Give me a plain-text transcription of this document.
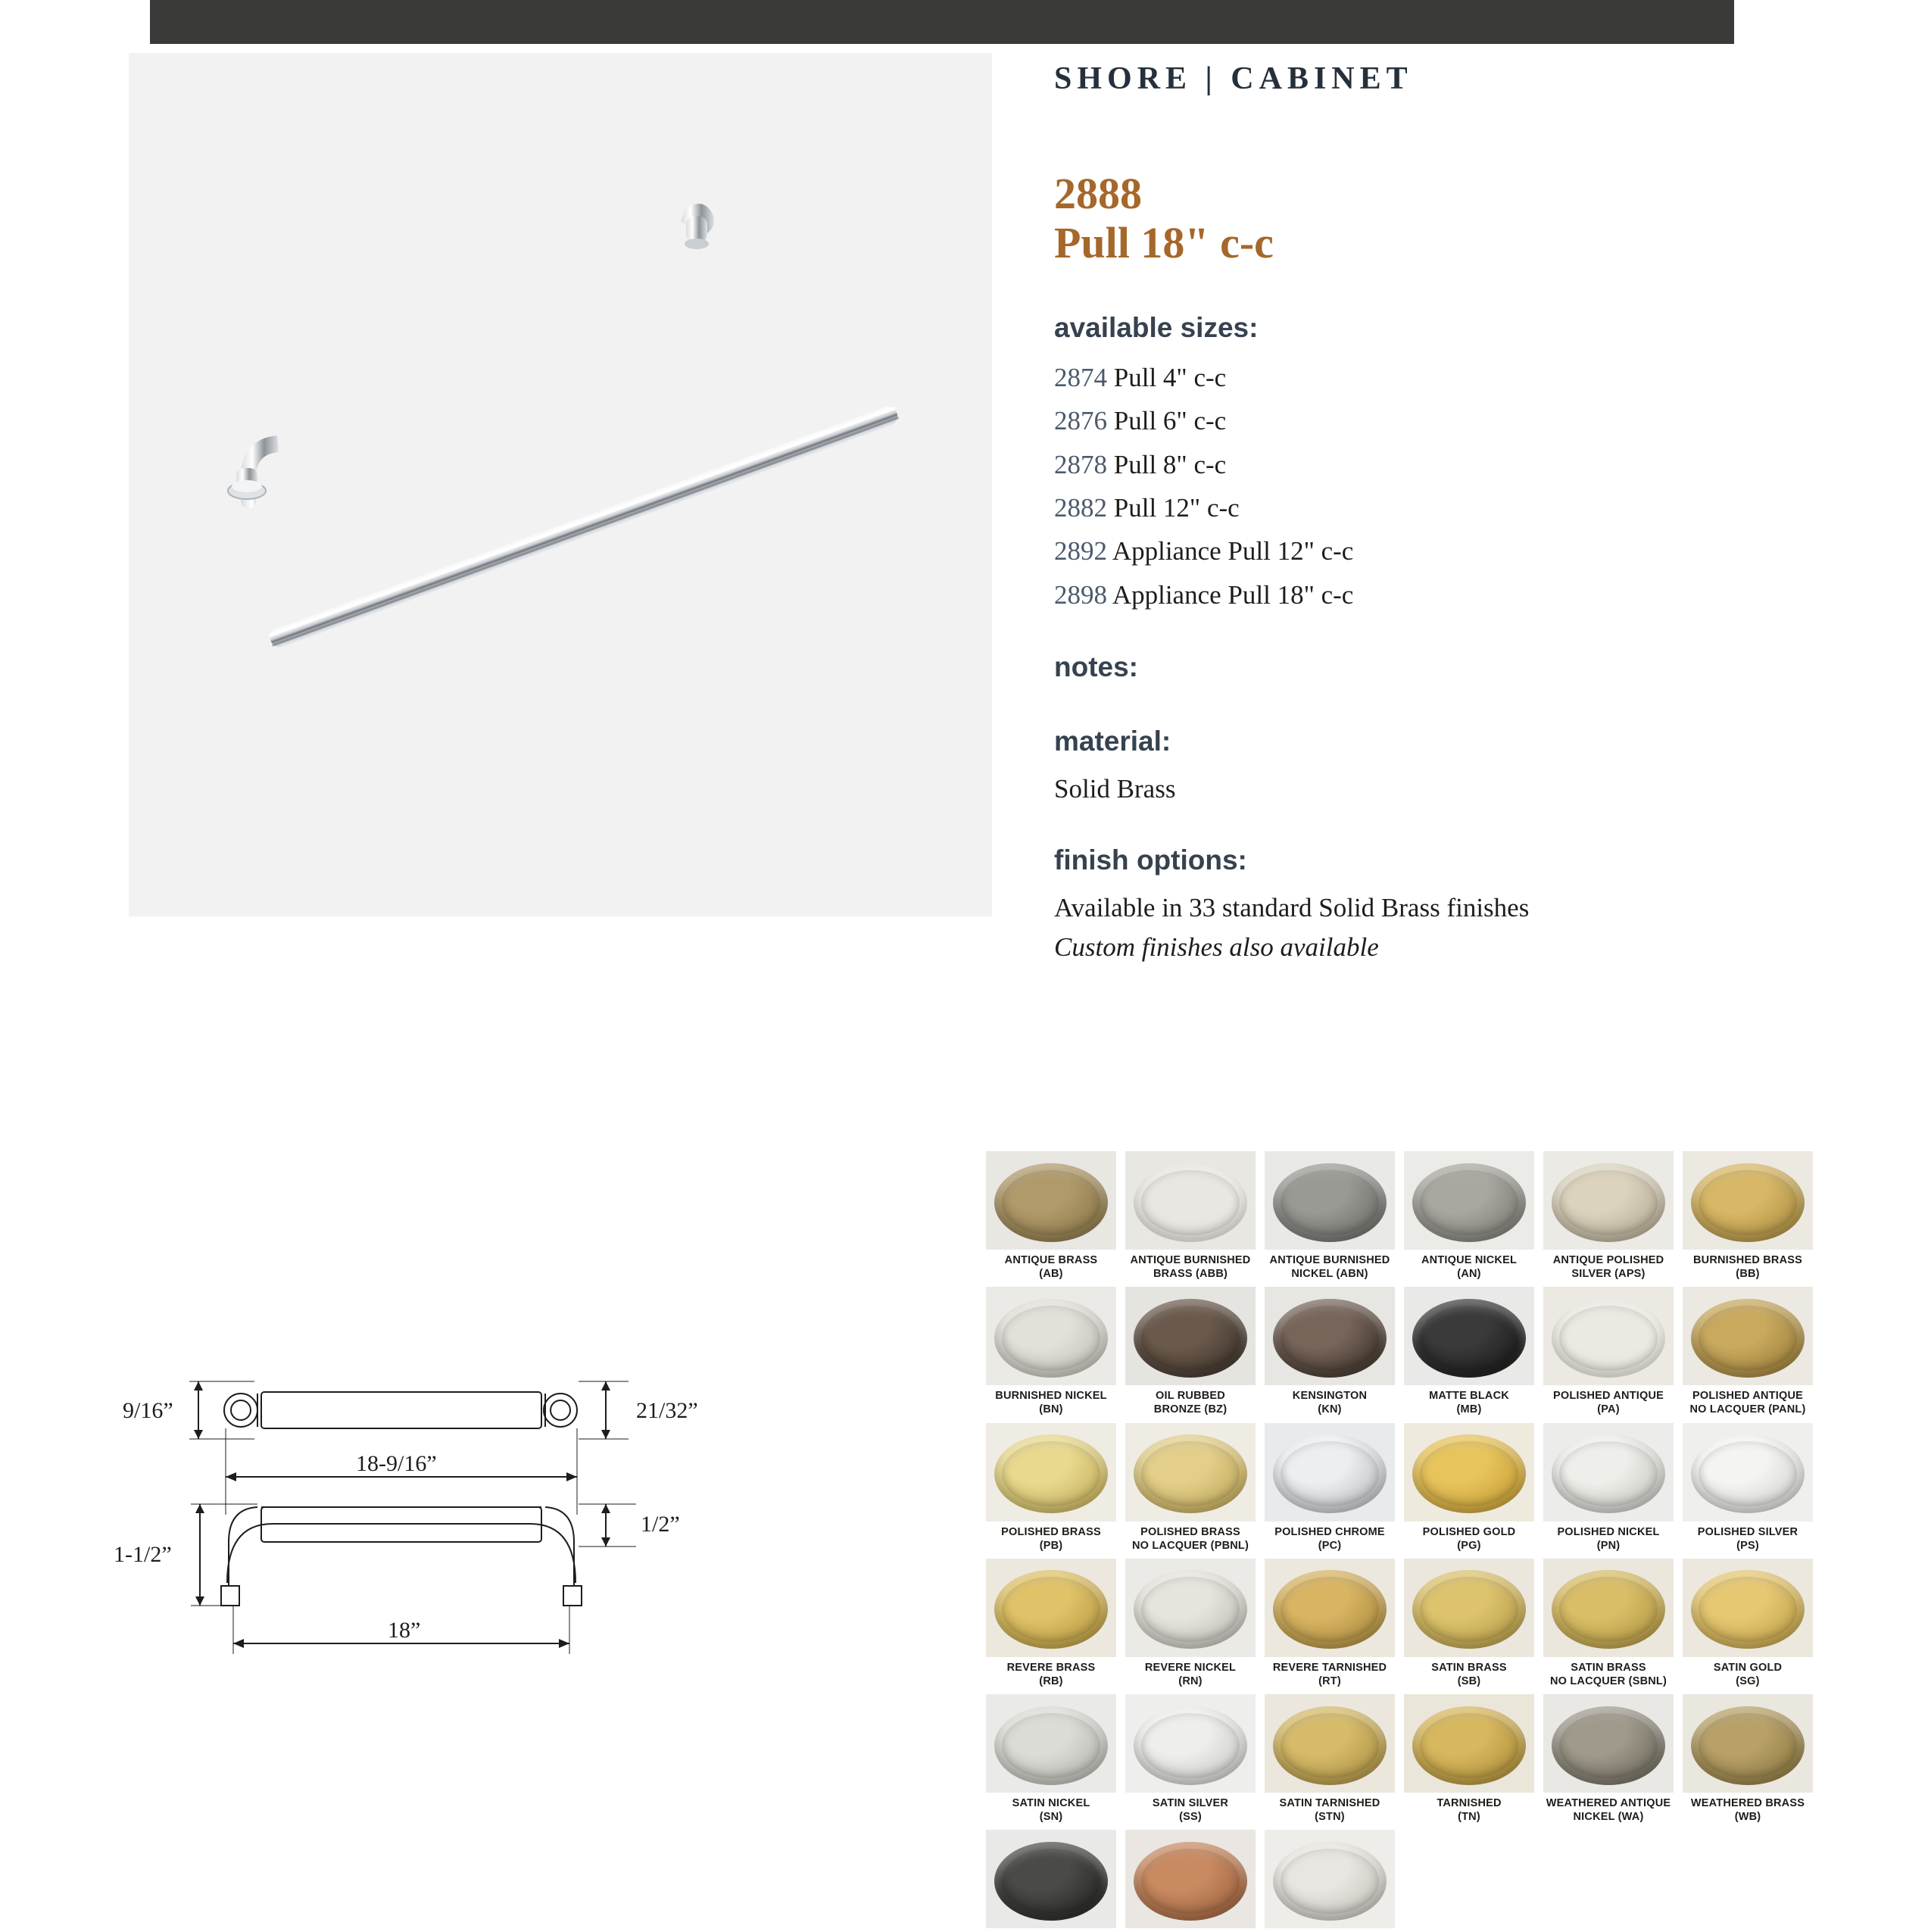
SHORE | CABINET
2888
Pull 18" c-c
available sizes:
2874 Pull 4" c-c
2876 Pull 6" c-c
2878 Pull 8" c-c
2882 Pull 12" c-c
2892 Appliance Pull 12" c-c
2898 Appliance Pull 18" c-c
notes:
material:
Solid Brass
finish options:
Available in 33 standard Solid Brass finishes
Custom finishes also available
9/16”	21/32”
18-9/16”
1/2”
1-1/2”
18”
ANTIQUE BRASS
(AB)
ANTIQUE BURNISHED
BRASS (ABB)
ANTIQUE BURNISHED
NICKEL (ABN)
ANTIQUE NICKEL
(AN)
ANTIQUE POLISHED
SILVER (APS)
BURNISHED BRASS
(BB)
BURNISHED NICKEL
(BN)
OIL RUBBED
BRONZE (BZ)
KENSINGTON
(KN)
MATTE BLACK
(MB)
POLISHED ANTIQUE
(PA)
POLISHED ANTIQUE
NO LACQUER (PANL)
POLISHED BRASS
(PB)
POLISHED BRASS
NO LACQUER (PBNL)
POLISHED CHROME
(PC)
POLISHED GOLD
(PG)
POLISHED NICKEL
(PN)
POLISHED SILVER
(PS)
REVERE BRASS
(RB)
REVERE NICKEL
(RN)
REVERE TARNISHED
(RT)
SATIN BRASS
(SB)
SATIN BRASS
NO LACQUER (SBNL)
SATIN GOLD
(SG)
SATIN NICKEL
(SN)
SATIN SILVER
(SS)
SATIN TARNISHED
(STN)
TARNISHED
(TN)
WEATHERED ANTIQUE
NICKEL (WA)
WEATHERED BRASS
(WB)
